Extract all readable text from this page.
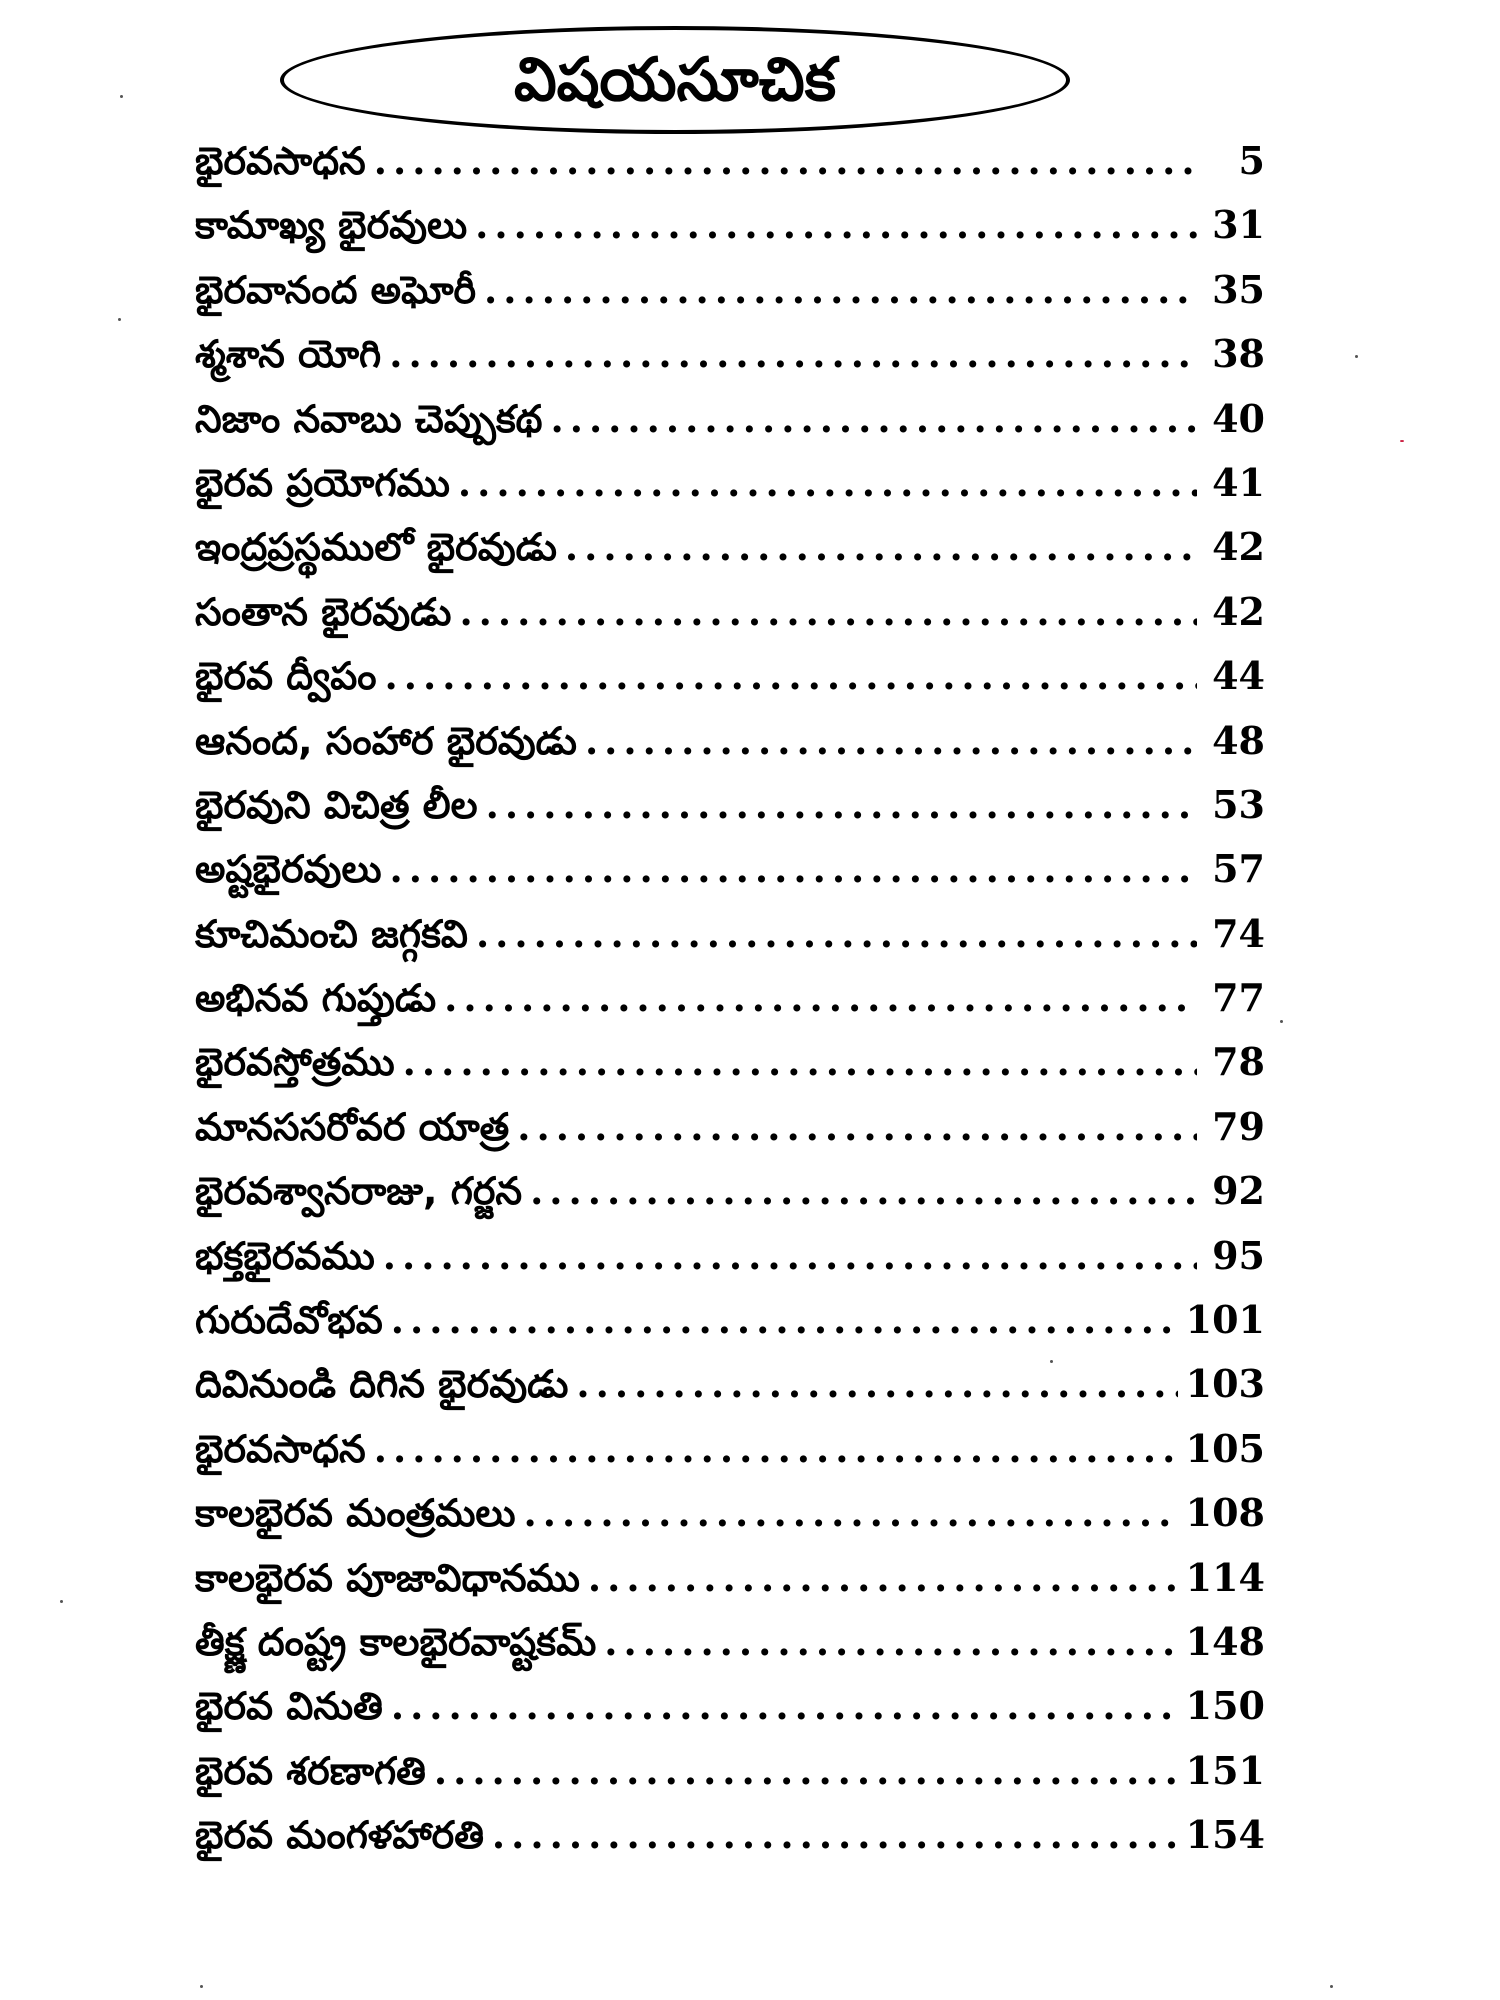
విషయసూచిక
భైరవసాధన .....	5
కామాఖ్య భైరవులు .....	31
భైరవానంద అఘోరీ .....	35
శ్మశాన యోగి .....	38
నిజాం నవాబు చెప్పుకథ .....	40
భైరవ ప్రయోగము .....	41
ఇంద్రప్రస్థములో భైరవుడు .....	42
సంతాన భైరవుడు .....	42
భైరవ ద్వీపం .....	44
ఆనంద, సంహార భైరవుడు .....	48
భైరవుని విచిత్ర లీల .....	53
అష్టభైరవులు .....	57
కూచిమంచి జగ్గకవి .....	74
అభినవ గుప్తుడు .....	77
భైరవస్తోత్రము .....	78
మానససరోవర యాత్ర .....	79
భైరవశ్వానరాజు, గర్జన .....	92
భక్తభైరవము .....	95
గురుదేవోభవ .....	101
దివినుండి దిగిన భైరవుడు .....	103
భైరవసాధన .....	105
కాలభైరవ మంత్రమలు .....	108
కాలభైరవ పూజావిధానము .....	114
తీక్ష్ణ దంష్ట్ర కాలభైరవాష్టకమ్ .....	148
భైరవ వినుతి .....	150
భైరవ శరణాగతి .....	151
భైరవ మంగళహారతి .....	154
